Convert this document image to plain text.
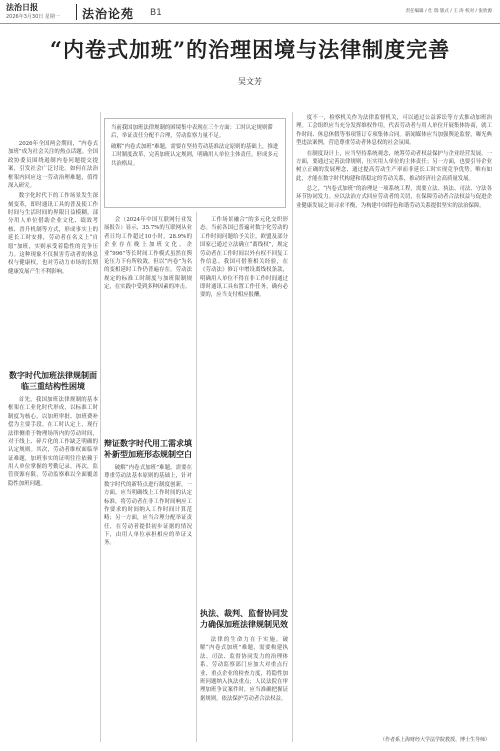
法治日报
2026年3月30日 星期一 法治论苑 B1	责任编辑 / 仕 瑞 版式 / 王 涛 校对 / 张欣源
“内卷式加班”的治理困境与法律制度完善
吴文芳

2026年全国两会期间，“内卷式加班”成为社会关注的热点话题。全国政协委员围绕遏制内卷问题提交提案，引发社会广泛讨论。如何在法治框架内回应这一劳动治理难题，值得深入研究。

数字化时代下的工作场景发生深刻变革，即时通讯工具的普及使工作时间与生活时间的界限日益模糊。部分用人单位借助企业文化、绩效考核、晋升机制等方式，形成事实上的延长工时安排，劳动者在名义上“自愿”加班，实则承受着隐性的竞争压力。这种现象不仅损害劳动者的休息权与健康权，也对劳动力市场的长期健康发展产生不利影响。

数字时代加班法律规制面临三重结构性困境

首先，我国加班法律规制的基本框架在工业化时代形成，以标准工时制度为核心，以加班审批、加班费补偿为主要手段。在工时认定上，现行法律侧重于物理场所内的劳动时间，对于线上、碎片化的工作缺乏明确的认定规则。其次，劳动者维权面临举证难题，加班事实的证明往往依赖于用人单位掌握的考勤记录。再次，监管资源有限，劳动监察难以全面覆盖隐性加班问题。

当前我国加班法律规制的困境集中表现在三个方面：工时认定规则滞后，举证责任分配不合理，劳动监察力量不足。

破解“内卷式加班”难题，需要在坚持劳动基准法定原则的基础上，推进工时制度改革，完善加班认定规则，明确用人单位主体责任，形成多元共治格局。

会（2024年中国互联网行业发展报告）显示，35.7%的互联网从业者日均工作超过10小时，28.9%的企业存在晚上加班文化。企业“996”等长时间工作模式虽然在舆论压力下有所收敛，但以“内卷”为名的变相延时工作仍普遍存在。劳动法规定的标准工时制度与加班限制规定，在实践中受到多种因素的冲击。

辩证数字时代用工需求填补新型加班形态规制空白

破解“内卷式加班”难题，需要在尊重劳动法基本原则的基础上，针对数字时代的新特点进行制度创新。一方面，应当明确线上工作时间的认定标准，将劳动者在非工作时间响应工作要求的时间纳入工作时间计算范畴；另一方面，应当合理分配举证责任，在劳动者提供初步证据的情况下，由用人单位承担相应的举证义务。

工作场景融合”的多元化交织形态。当前各国已普遍对数字化劳动的工作时间问题给予关注，欧盟及部分国家已通过立法确立“离线权”，规定劳动者在工作时间以外有权不回复工作信息。我国可借鉴相关经验，在《劳动法》修订中增设离线权条款，明确用人单位不得在非工作时间通过即时通讯工具布置工作任务，确有必要的，应当支付相应报酬。

执法、裁判、监督协同发力确保加班法律规制见效

法律的生命力在于实施。破解“内卷式加班”难题，需要构建执法、司法、监督协同发力的治理体系。劳动监察部门应加大对重点行业、重点企业的检查力度，将隐性加班问题纳入执法重点；人民法院在审理加班争议案件时，应当准确把握证据规则，依法保护劳动者合法权益。

度不一，检察机关作为法律监督机关，可以通过公益诉讼等方式推动加班治理。工会组织应当充分发挥维权作用，代表劳动者与用人单位开展集体协商，就工作时间、休息休假等事项签订专项集体合同。新闻媒体应当加强舆论监督，曝光典型违法案例，营造尊重劳动者休息权的社会氛围。

在制度设计上，应当坚持系统观念，统筹劳动者权益保护与企业经营发展。一方面，要通过完善法律规则，压实用人单位的主体责任；另一方面，也要引导企业树立正确的发展理念，通过提高劳动生产率而非延长工时实现竞争优势。唯有如此，才能在数字时代构建和谐稳定的劳动关系，推动经济社会高质量发展。

总之，“内卷式加班”的治理是一项系统工程，需要立法、执法、司法、守法各环节协同发力。应以法治方式回应劳动者的关切，在保障劳动者合法权益与促进企业健康发展之间寻求平衡，为构建中国特色和谐劳动关系提供坚实的法治保障。

（作者系上海财经大学法学院教授、博士生导师）
